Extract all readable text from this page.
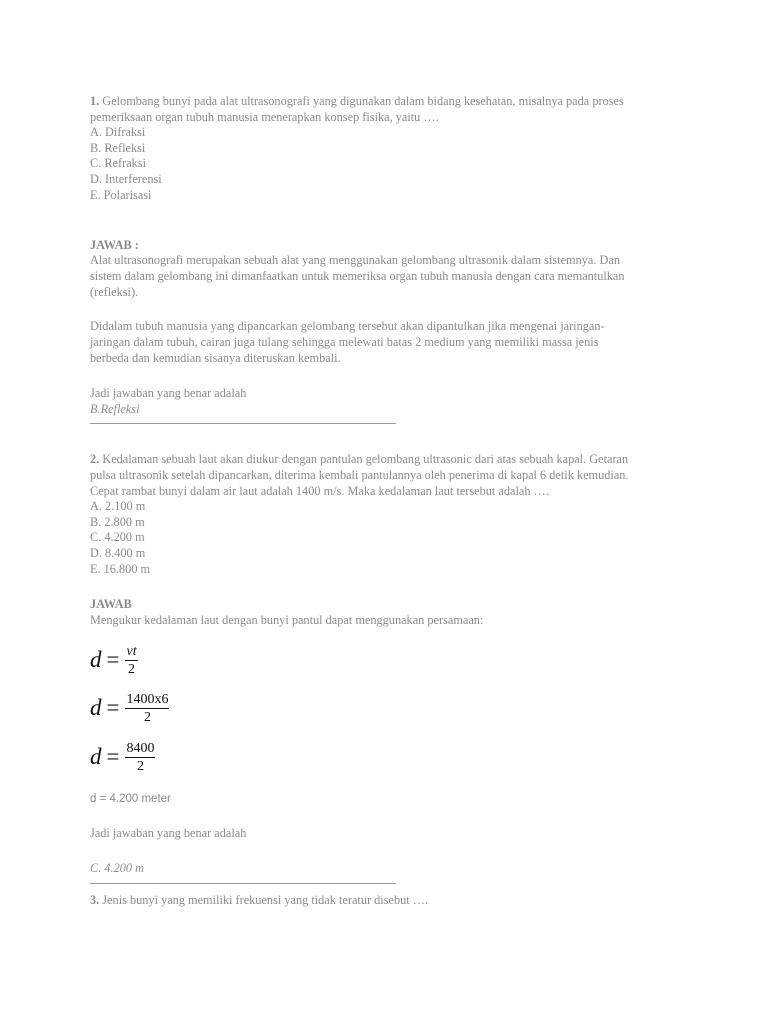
1. Gelombang bunyi pada alat ultrasonografi yang digunakan dalam bidang kesehatan, misalnya pada proses
pemeriksaan organ tubuh manusia menerapkan konsep fisika, yaitu ….
A. Difraksi
B. Refleksi
C. Refraksi
D. Interferensi
E. Polarisasi
JAWAB :
Alat ultrasonografi merupakan sebuah alat yang menggunakan gelombang ultrasonik dalam sistemnya. Dan
sistem dalam gelombang ini dimanfaatkan untuk memeriksa organ tubuh manusia dengan cara memantulkan
(refleksi).
Didalam tubuh manusia yang dipancarkan gelombang tersebut akan dipantulkan jika mengenai jaringan-
jaringan dalam tubuh, cairan juga tulang sehingga melewati batas 2 medium yang memiliki massa jenis
berbeda dan kemudian sisanya diteruskan kembali.
Jadi jawaban yang benar adalah
B.Refleksi
2. Kedalaman sebuah laut akan diukur dengan pantulan gelombang ultrasonic dari atas sebuah kapal. Getaran
pulsa ultrasonik setelah dipancarkan, diterima kembali pantulannya oleh penerima di kapal 6 detik kemudian.
Cepat rambat bunyi dalam air laut adalah 1400 m/s. Maka kedalaman laut tersebut adalah ….
A. 2.100 m
B. 2.800 m
C. 4.200 m
D. 8.400 m
E. 16.800 m
JAWAB
Mengukur kedalaman laut dengan bunyi pantul dapat menggunakan persamaan:
$d = \frac{vt}{2}$
$d = \frac{1400x6}{2}$
$d = \frac{8400}{2}$
d = 4.200 meter
Jadi jawaban yang benar adalah
C. 4.200 m
3. Jenis bunyi yang memiliki frekuensi yang tidak teratur disebut ….
